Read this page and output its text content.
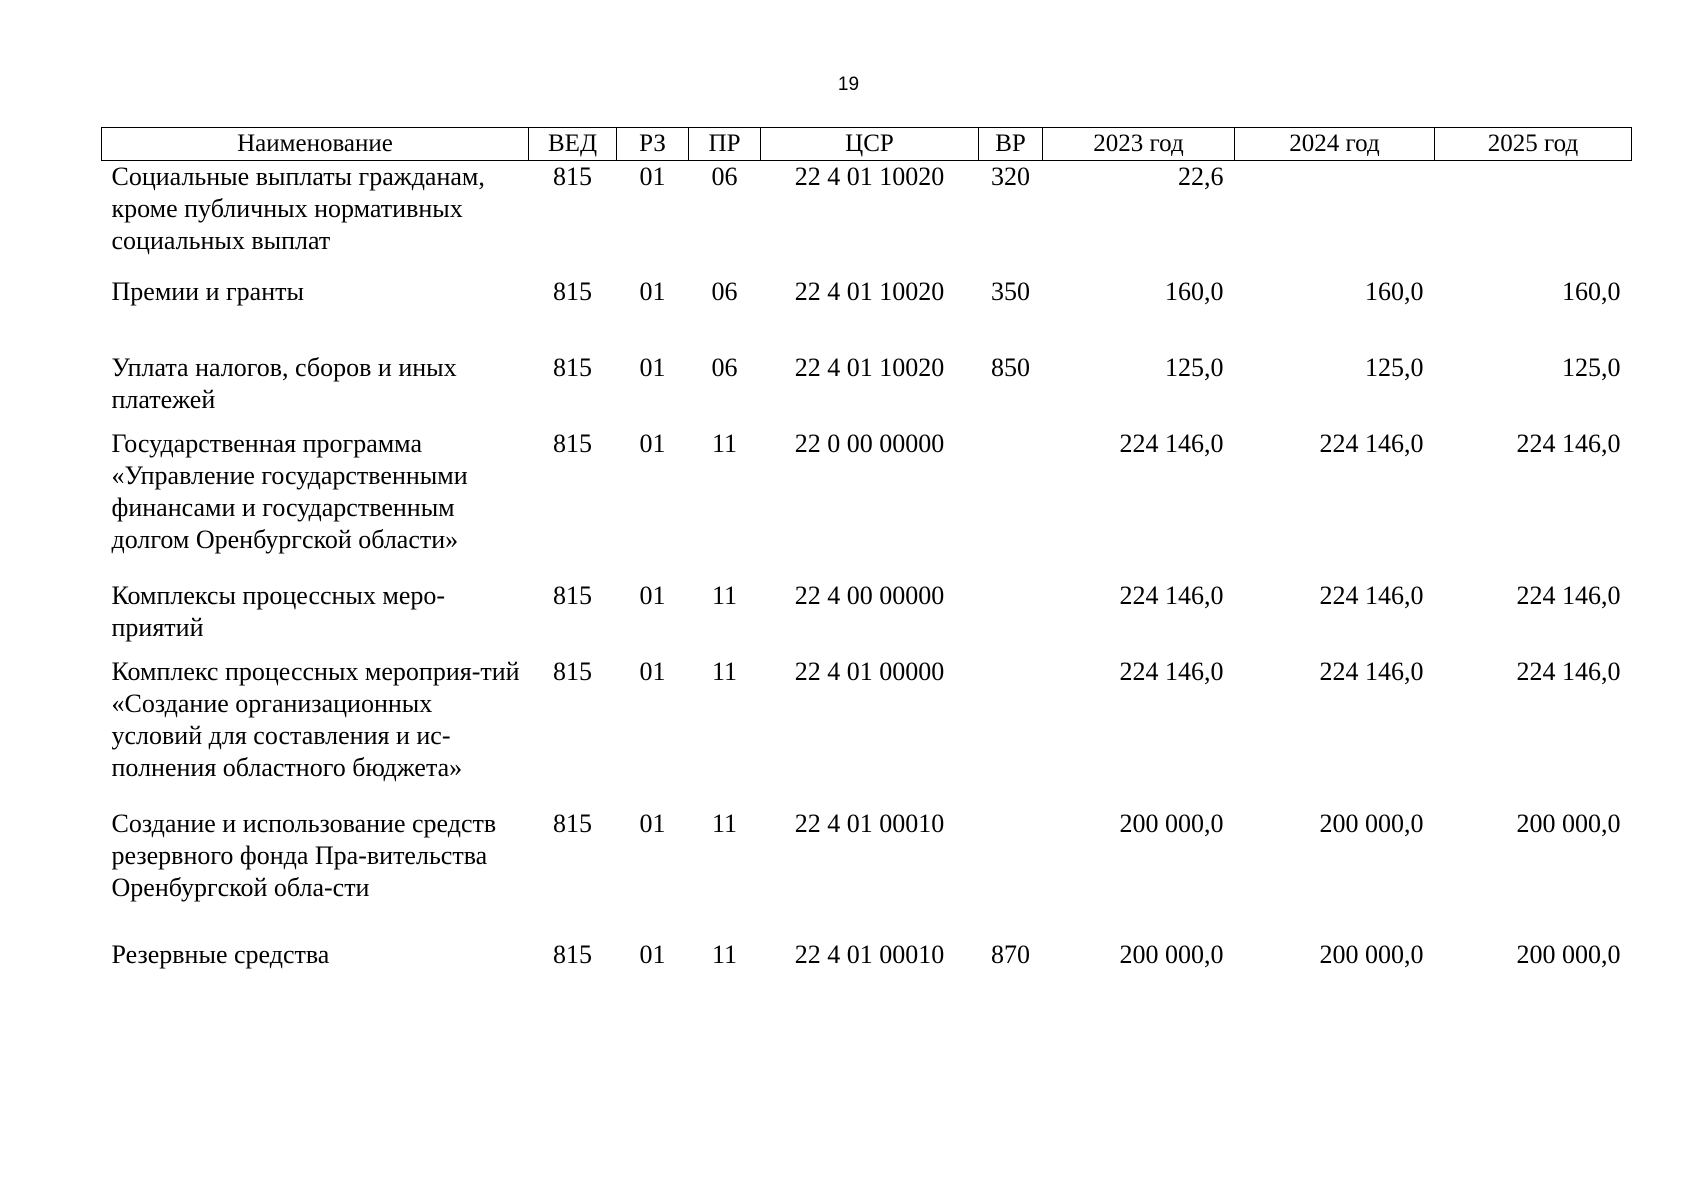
19
Наименование	ВЕД	РЗ	ПР	ЦСР	ВР	2023 год	2024 год	2025 год
Социальные выплаты гражданам, кроме публичных нормативных социальных выплат	815	01	06	22 4 01 10020	320	22,6		
Премии и гранты	815	01	06	22 4 01 10020	350	160,0	160,0	160,0
Уплата налогов, сборов и иных платежей	815	01	06	22 4 01 10020	850	125,0	125,0	125,0
Государственная программа «Управление государственными финансами и государственным долгом Оренбургской области»	815	01	11	22 0 00 00000		224 146,0	224 146,0	224 146,0
Комплексы процессных меро-приятий	815	01	11	22 4 00 00000		224 146,0	224 146,0	224 146,0
Комплекс процессных мероприя-тий «Создание организационных условий для составления и ис-полнения областного бюджета»	815	01	11	22 4 01 00000		224 146,0	224 146,0	224 146,0
Создание и использование средств резервного фонда Пра-вительства Оренбургской обла-сти	815	01	11	22 4 01 00010		200 000,0	200 000,0	200 000,0
Резервные средства	815	01	11	22 4 01 00010	870	200 000,0	200 000,0	200 000,0
